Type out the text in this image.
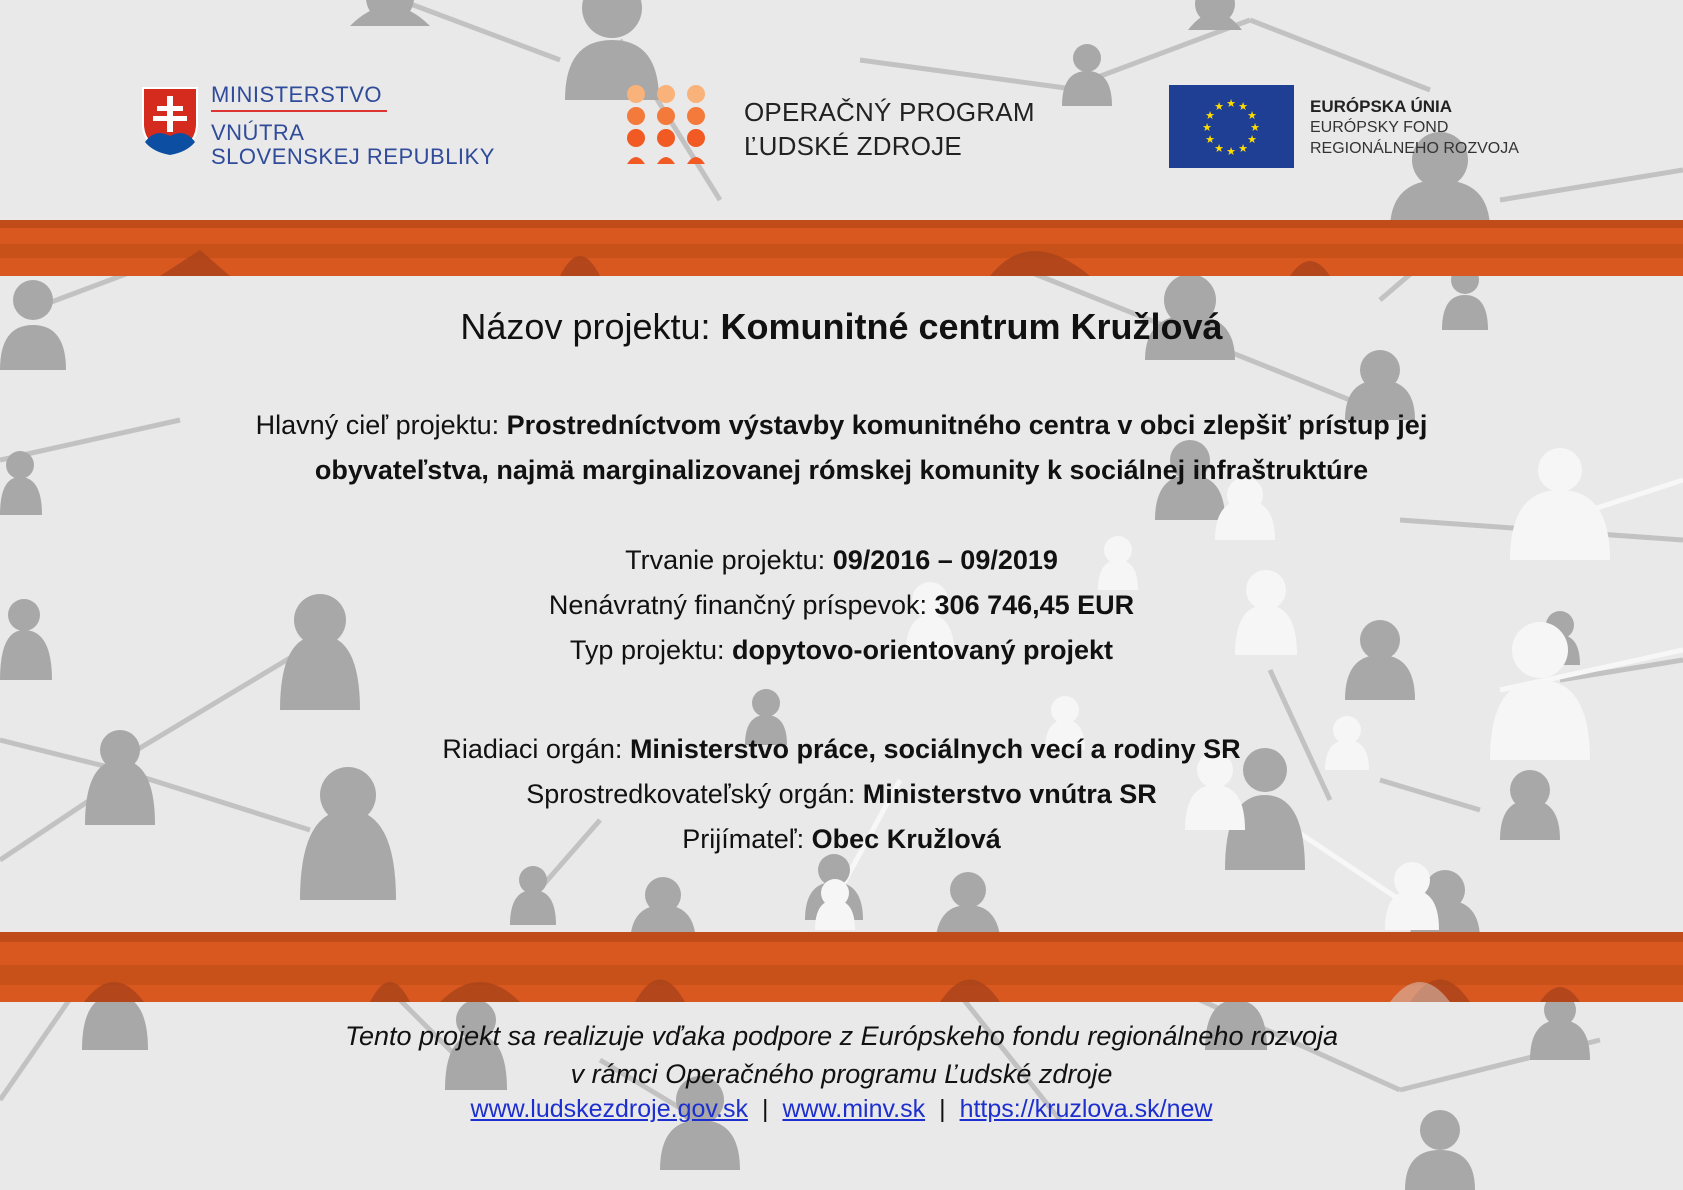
MINISTERSTVO
VNÚTRA
SLOVENSKEJ REPUBLIKY
OPERAČNÝ PROGRAM
ĽUDSKÉ ZDROJE
★ ★
★
★
★
★
★
★
★
★
★
★	EURÓPSKA ÚNIA
EURÓPSKY FOND
REGIONÁLNEHO ROZVOJA
Názov projektu: Komunitné centrum Kružlová
Hlavný cieľ projektu: Prostredníctvom výstavby komunitného centra v obci zlepšiť prístup jej
obyvateľstva, najmä marginalizovanej rómskej komunity k sociálnej infraštruktúre
Trvanie projektu: 09/2016 – 09/2019
Nenávratný finančný príspevok: 306 746,45 EUR
Typ projektu: dopytovo-orientovaný projekt
Riadiaci orgán: Ministerstvo práce, sociálnych vecí a rodiny SR
Sprostredkovateľský orgán: Ministerstvo vnútra SR
Prijímateľ: Obec Kružlová
Tento projekt sa realizuje vďaka podpore z Európskeho fondu regionálneho rozvoja
v rámci Operačného programu Ľudské zdroje
www.ludskezdroje.gov.sk | www.minv.sk | https://kruzlova.sk/new
